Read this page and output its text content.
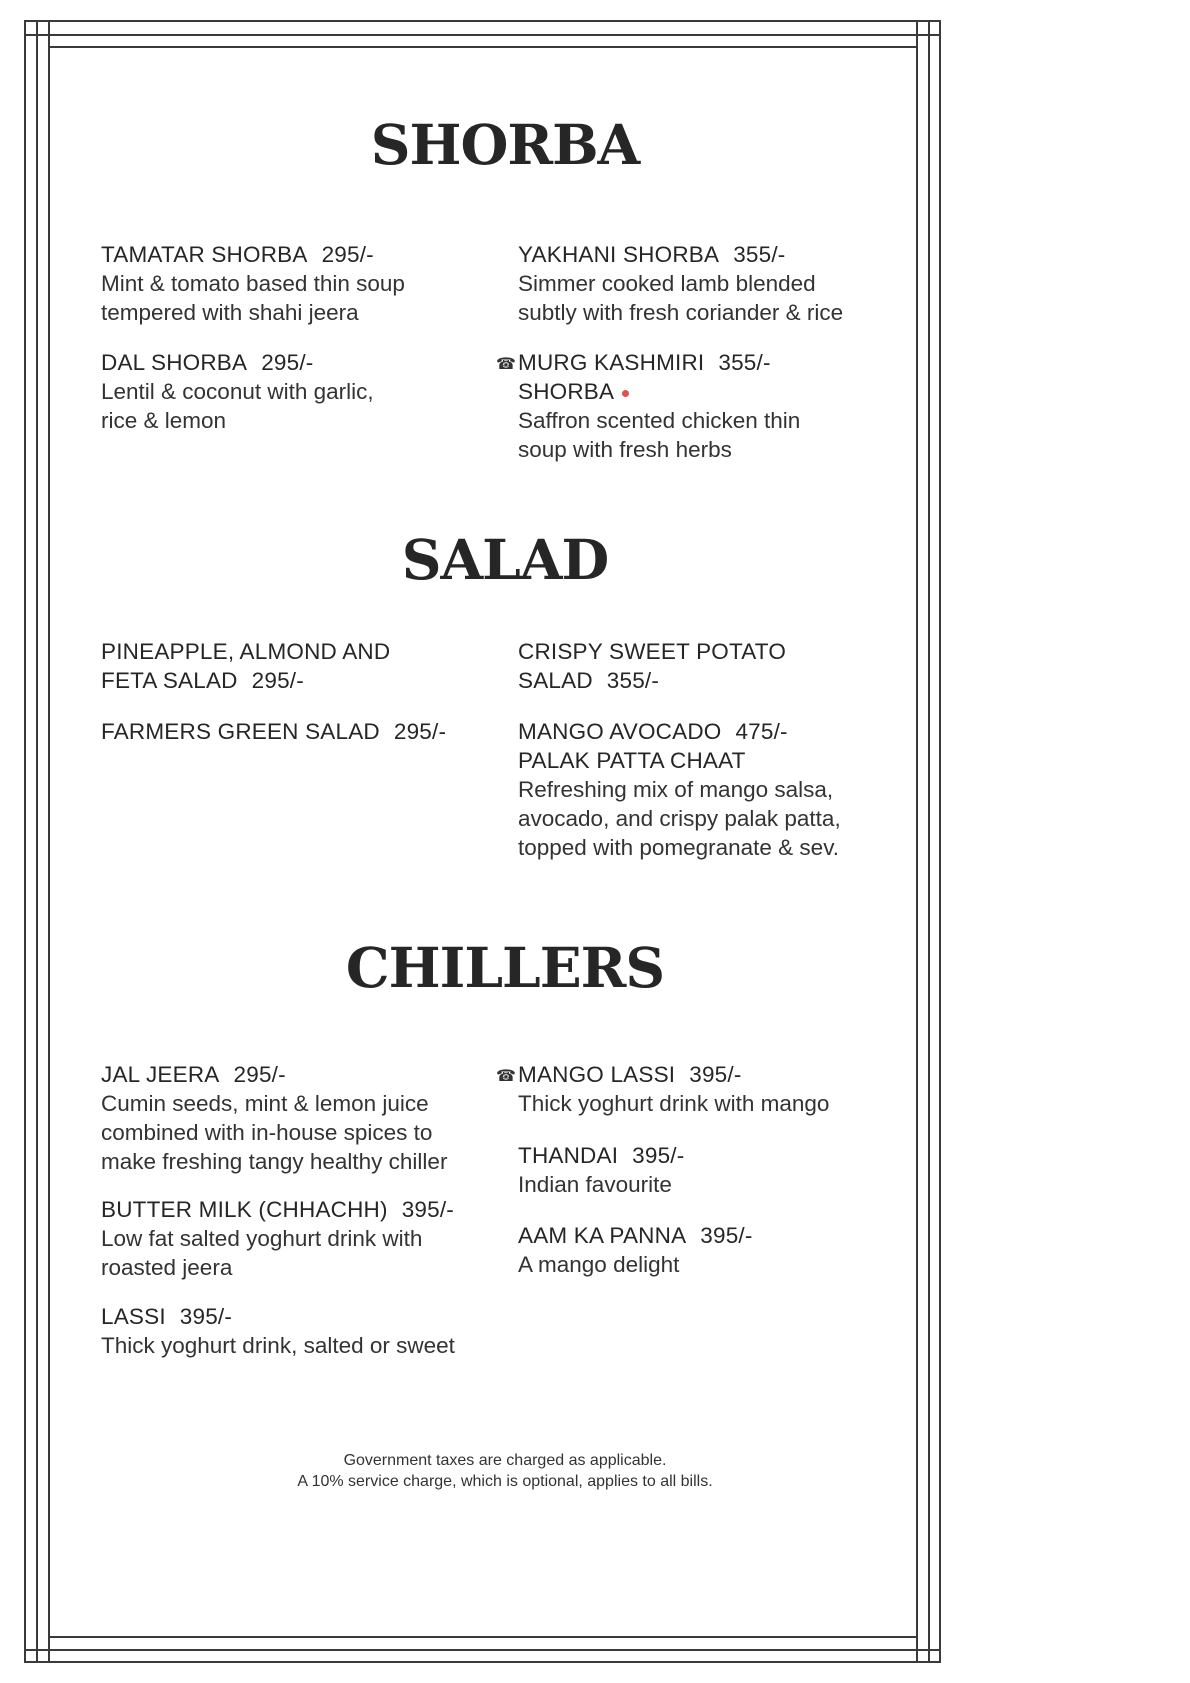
SHORBA
TAMATAR SHORBA 295/-
Mint & tomato based thin soup
tempered with shahi jeera
YAKHANI SHORBA 355/-
Simmer cooked lamb blended
subtly with fresh coriander & rice
DAL SHORBA 295/-
Lentil & coconut with garlic,
rice & lemon
☎ MURG KASHMIRI 355/-
SHORBA
Saffron scented chicken thin
soup with fresh herbs
SALAD
PINEAPPLE, ALMOND AND
FETA SALAD 295/-
CRISPY SWEET POTATO
SALAD 355/-
FARMERS GREEN SALAD 295/-	MANGO AVOCADO 475/-
PALAK PATTA CHAAT
Refreshing mix of mango salsa,
avocado, and crispy palak patta,
topped with pomegranate & sev.
CHILLERS
JAL JEERA 295/-
Cumin seeds, mint & lemon juice
combined with in-house spices to
make freshing tangy healthy chiller
☎ MANGO LASSI 395/-
Thick yoghurt drink with mango
THANDAI 395/-
Indian favourite
BUTTER MILK (CHHACHH) 395/-
Low fat salted yoghurt drink with
roasted jeera
AAM KA PANNA 395/-
A mango delight
LASSI 395/-
Thick yoghurt drink, salted or sweet
Government taxes are charged as applicable.
A 10% service charge, which is optional, applies to all bills.
